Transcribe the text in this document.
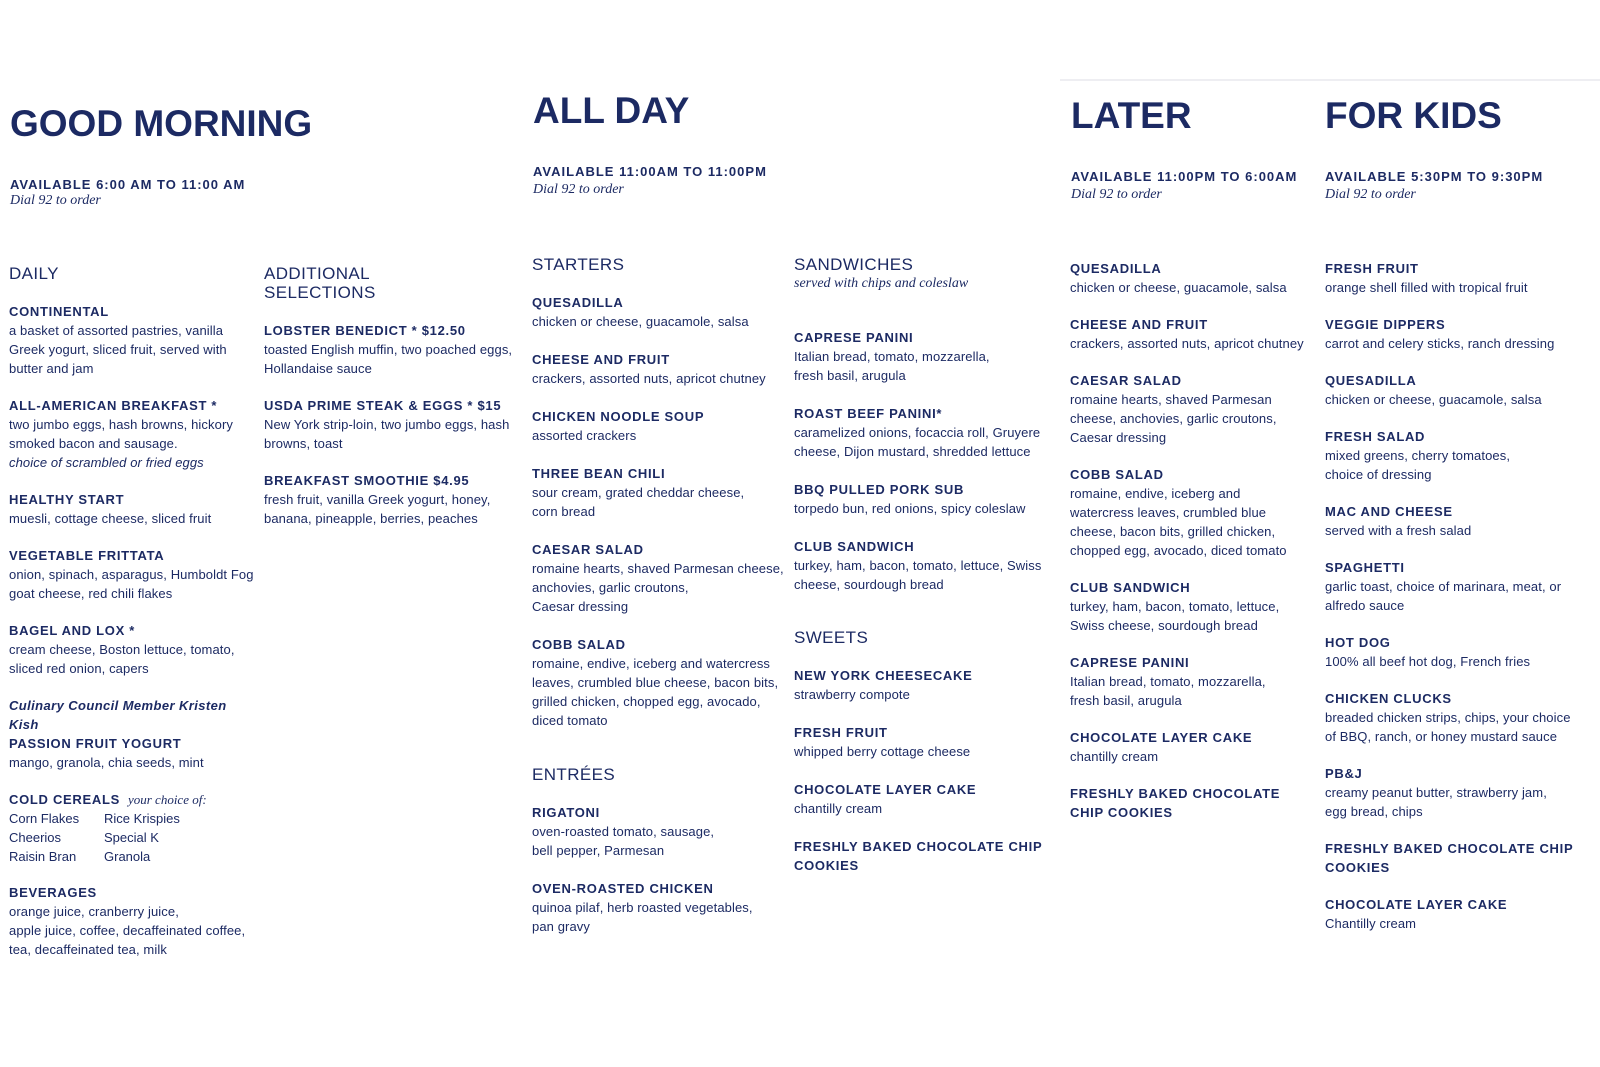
GOOD MORNING
AVAILABLE 6:00 AM TO 11:00 AM
Dial 92 to order
DAILY
CONTINENTAL
a basket of assorted pastries, vanilla
Greek yogurt, sliced fruit, served with
butter and jam
ALL-AMERICAN BREAKFAST *
two jumbo eggs, hash browns, hickory
smoked bacon and sausage.
choice of scrambled or fried eggs
HEALTHY START
muesli, cottage cheese, sliced fruit
VEGETABLE FRITTATA
onion, spinach, asparagus, Humboldt Fog
goat cheese, red chili flakes
BAGEL AND LOX *
cream cheese, Boston lettuce, tomato,
sliced red onion, capers
Culinary Council Member Kristen Kish
PASSION FRUIT YOGURT
mango, granola, chia seeds, mint
COLD CEREALS your choice of:
Corn Flakes	Rice Krispies
Cheerios	Special K
Raisin Bran	Granola
BEVERAGES
orange juice, cranberry juice,
apple juice, coffee, decaffeinated coffee,
tea, decaffeinated tea, milk
ADDITIONAL
SELECTIONS
LOBSTER BENEDICT * $12.50
toasted English muffin, two poached eggs,
Hollandaise sauce
USDA PRIME STEAK & EGGS * $15
New York strip-loin, two jumbo eggs, hash
browns, toast
BREAKFAST SMOOTHIE $4.95
fresh fruit, vanilla Greek yogurt, honey,
banana, pineapple, berries, peaches
ALL DAY
AVAILABLE 11:00AM TO 11:00PM
Dial 92 to order
STARTERS
QUESADILLA
chicken or cheese, guacamole, salsa
CHEESE AND FRUIT
crackers, assorted nuts, apricot chutney
CHICKEN NOODLE SOUP
assorted crackers
THREE BEAN CHILI
sour cream, grated cheddar cheese,
corn bread
CAESAR SALAD
romaine hearts, shaved Parmesan cheese,
anchovies, garlic croutons,
Caesar dressing
COBB SALAD
romaine, endive, iceberg and watercress
leaves, crumbled blue cheese, bacon bits,
grilled chicken, chopped egg, avocado,
diced tomato
ENTRÉES
RIGATONI
oven-roasted tomato, sausage,
bell pepper, Parmesan
OVEN-ROASTED CHICKEN
quinoa pilaf, herb roasted vegetables,
pan gravy
SANDWICHES
served with chips and coleslaw
CAPRESE PANINI
Italian bread, tomato, mozzarella,
fresh basil, arugula
ROAST BEEF PANINI*
caramelized onions, focaccia roll, Gruyere
cheese, Dijon mustard, shredded lettuce
BBQ PULLED PORK SUB
torpedo bun, red onions, spicy coleslaw
CLUB SANDWICH
turkey, ham, bacon, tomato, lettuce, Swiss
cheese, sourdough bread
SWEETS
NEW YORK CHEESECAKE
strawberry compote
FRESH FRUIT
whipped berry cottage cheese
CHOCOLATE LAYER CAKE
chantilly cream
FRESHLY BAKED CHOCOLATE CHIP
COOKIES
LATER
AVAILABLE 11:00PM TO 6:00AM
Dial 92 to order
QUESADILLA
chicken or cheese, guacamole, salsa
CHEESE AND FRUIT
crackers, assorted nuts, apricot chutney
CAESAR SALAD
romaine hearts, shaved Parmesan
cheese, anchovies, garlic croutons,
Caesar dressing
COBB SALAD
romaine, endive, iceberg and
watercress leaves, crumbled blue
cheese, bacon bits, grilled chicken,
chopped egg, avocado, diced tomato
CLUB SANDWICH
turkey, ham, bacon, tomato, lettuce,
Swiss cheese, sourdough bread
CAPRESE PANINI
Italian bread, tomato, mozzarella,
fresh basil, arugula
CHOCOLATE LAYER CAKE
chantilly cream
FRESHLY BAKED CHOCOLATE
CHIP COOKIES
FOR KIDS
AVAILABLE 5:30PM TO 9:30PM
Dial 92 to order
FRESH FRUIT
orange shell filled with tropical fruit
VEGGIE DIPPERS
carrot and celery sticks, ranch dressing
QUESADILLA
chicken or cheese, guacamole, salsa
FRESH SALAD
mixed greens, cherry tomatoes,
choice of dressing
MAC AND CHEESE
served with a fresh salad
SPAGHETTI
garlic toast, choice of marinara, meat, or
alfredo sauce
HOT DOG
100% all beef hot dog, French fries
CHICKEN CLUCKS
breaded chicken strips, chips, your choice
of BBQ, ranch, or honey mustard sauce
PB&J
creamy peanut butter, strawberry jam,
egg bread, chips
FRESHLY BAKED CHOCOLATE CHIP
COOKIES
CHOCOLATE LAYER CAKE
Chantilly cream
